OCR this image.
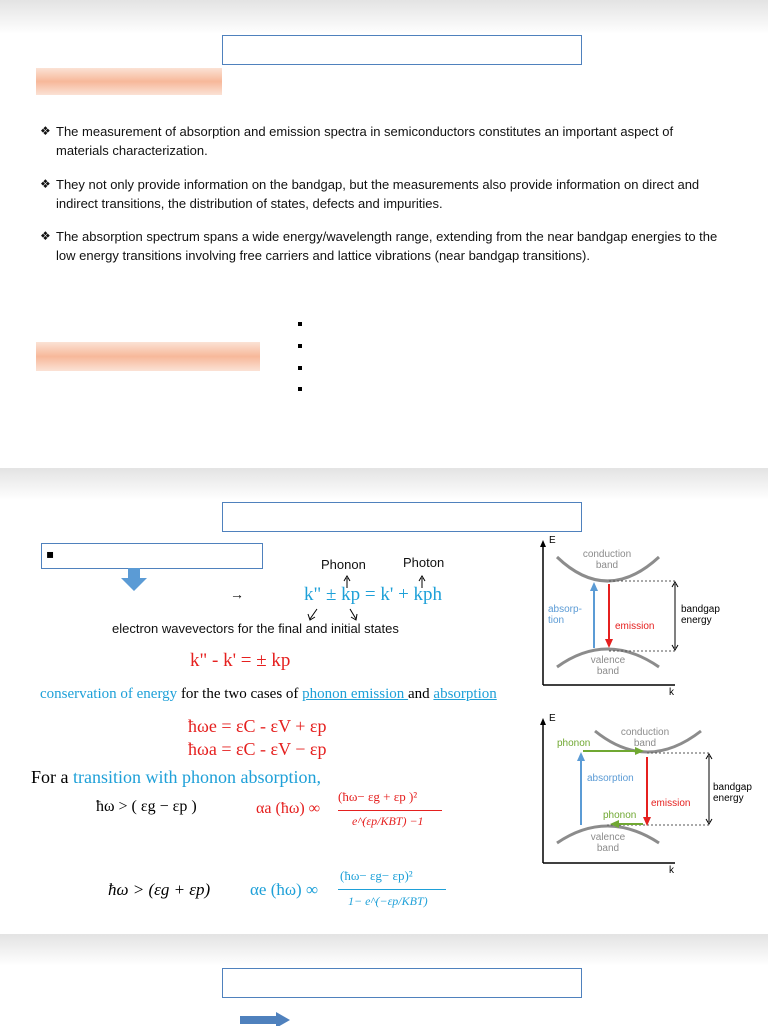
❖ The measurement of absorption and emission spectra in semiconductors constitutes an important aspect of materials characterization.
❖ They not only provide information on the bandgap, but the measurements also provide information on direct and indirect transitions, the distribution of states, defects and impurities.
❖ The absorption spectrum spans a wide energy/wavelength range, extending from the near bandgap energies to the low energy transitions involving free carriers and lattice vibrations (near bandgap transitions).
▪
→
Phonon	Photon
k" ± kp = k' + kph
electron wavevectors for the final and initial states
k" - k' = ± kp
conservation of energy for the two cases of phonon emission and absorption
ħωe = εC - εV + εp
ħωa = εC - εV − εp
For a transition with phonon absorption,
ħω > ( εg − εp )	αa (ħω) ∞
(ħω− εg + εp )²
e^(εp/KBT) −1
ħω > (εg + εp) αe (ħω) ∞
(ħω− εg− εp)²
1− e^(−εp/KBT)
E
k
conduction band
valence band
absorp- tion
emission
bandgap energy
E
k
conduction band
valence band
phonon
absorption
phonon
emission
bandgap energy
